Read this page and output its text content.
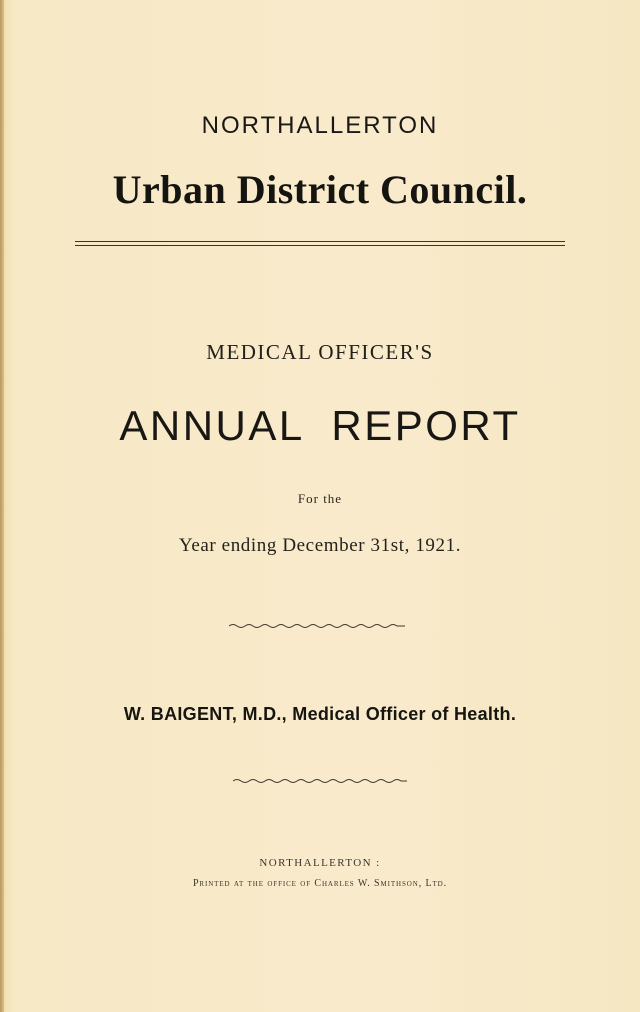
NORTHALLERTON
Urban District Council.
MEDICAL OFFICER'S
ANNUAL REPORT
For the
Year ending December 31st, 1921.
W. BAIGENT, M.D., Medical Officer of Health.
NORTHALLERTON :
Printed at the office of Charles W. Smithson, Ltd.
